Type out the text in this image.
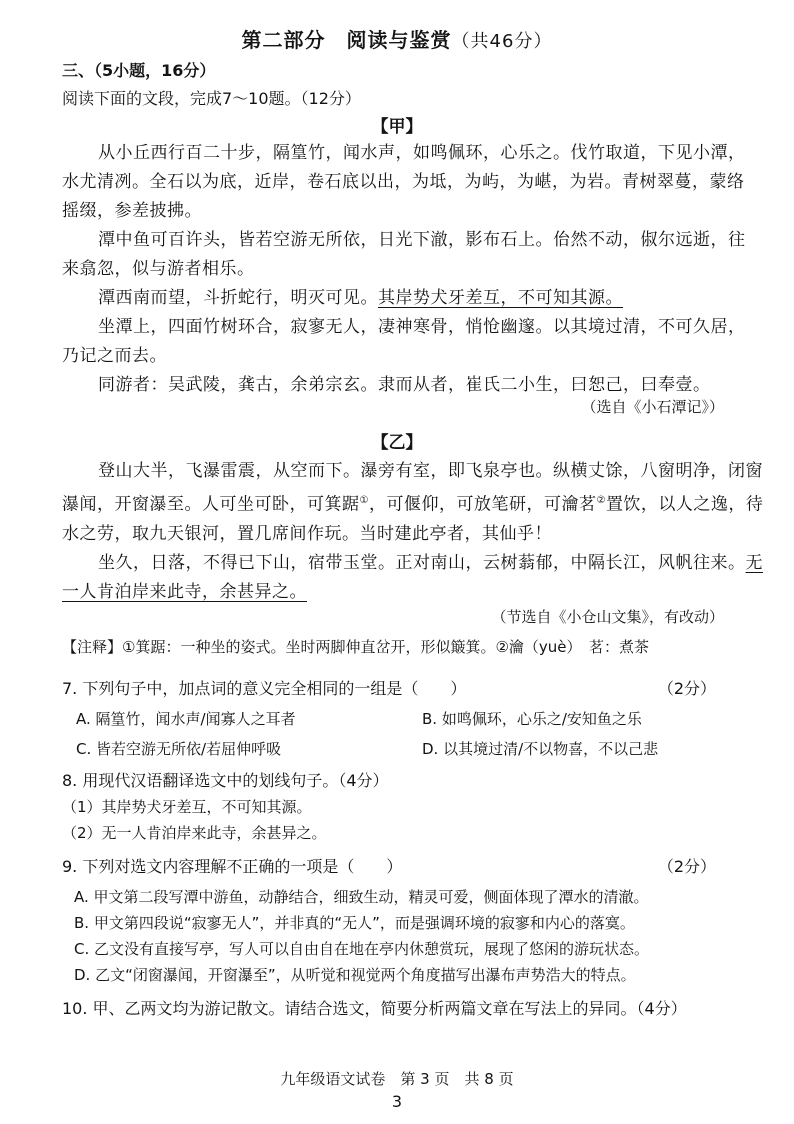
第二部分　阅读与鉴赏（共46分）
三、（5小题，16分）
阅读下面的文段，完成7～10题。（12分）
【甲】
从小丘西行百二十步，隔篁竹，闻水声，如鸣佩环，心乐之。伐竹取道，下见小潭，
水尤清冽。全石以为底，近岸，卷石底以出，为坻，为屿，为嵁，为岩。青树翠蔓，蒙络
摇缀，参差披拂。
潭中鱼可百许头，皆若空游无所依，日光下澈，影布石上。佁然不动，俶尔远逝，往
来翕忽，似与游者相乐。
潭西南而望，斗折蛇行，明灭可见。其岸势犬牙差互，不可知其源。
坐潭上，四面竹树环合，寂寥无人，凄神寒骨，悄怆幽邃。以其境过清，不可久居，
乃记之而去。
同游者：吴武陵，龚古，余弟宗玄。隶而从者，崔氏二小生，曰恕己，曰奉壹。
（选自《小石潭记》）
【乙】
登山大半，飞瀑雷震，从空而下。瀑旁有室，即飞泉亭也。纵横丈馀，八窗明净，闭窗
瀑闻，开窗瀑至。人可坐可卧，可箕踞①，可偃仰，可放笔研，可瀹茗②置饮，以人之逸，待
水之劳，取九天银河，置几席间作玩。当时建此亭者，其仙乎！
坐久，日落，不得已下山，宿带玉堂。正对南山，云树蓊郁，中隔长江，风帆往来。无
一人肯泊岸来此寺，余甚异之。
（节选自《小仓山文集》，有改动）
【注释】①箕踞：一种坐的姿式。坐时两脚伸直岔开，形似簸箕。②瀹（yuè）　茗：煮茶
7. 下列句子中，加点词的意义完全相同的一组是（　　）	（2分）
A. 隔篁竹，闻水声/闻寡人之耳者	B. 如鸣佩环，心乐之/安知鱼之乐
C. 皆若空游无所依/若屈伸呼吸	D. 以其境过清/不以物喜，不以己悲
8. 用现代汉语翻译选文中的划线句子。（4分）
（1）其岸势犬牙差互，不可知其源。
（2）无一人肯泊岸来此寺，余甚异之。
9. 下列对选文内容理解不正确的一项是（　　）	（2分）
A. 甲文第二段写潭中游鱼，动静结合，细致生动，精灵可爱，侧面体现了潭水的清澈。
B. 甲文第四段说“寂寥无人”，并非真的“无人”，而是强调环境的寂寥和内心的落寞。
C. 乙文没有直接写亭，写人可以自由自在地在亭内休憩赏玩，展现了悠闲的游玩状态。
D. 乙文“闭窗瀑闻，开窗瀑至”，从听觉和视觉两个角度描写出瀑布声势浩大的特点。
10. 甲、乙两文均为游记散文。请结合选文，简要分析两篇文章在写法上的异同。（4分）
九年级语文试卷　第 3 页　共 8 页
3
